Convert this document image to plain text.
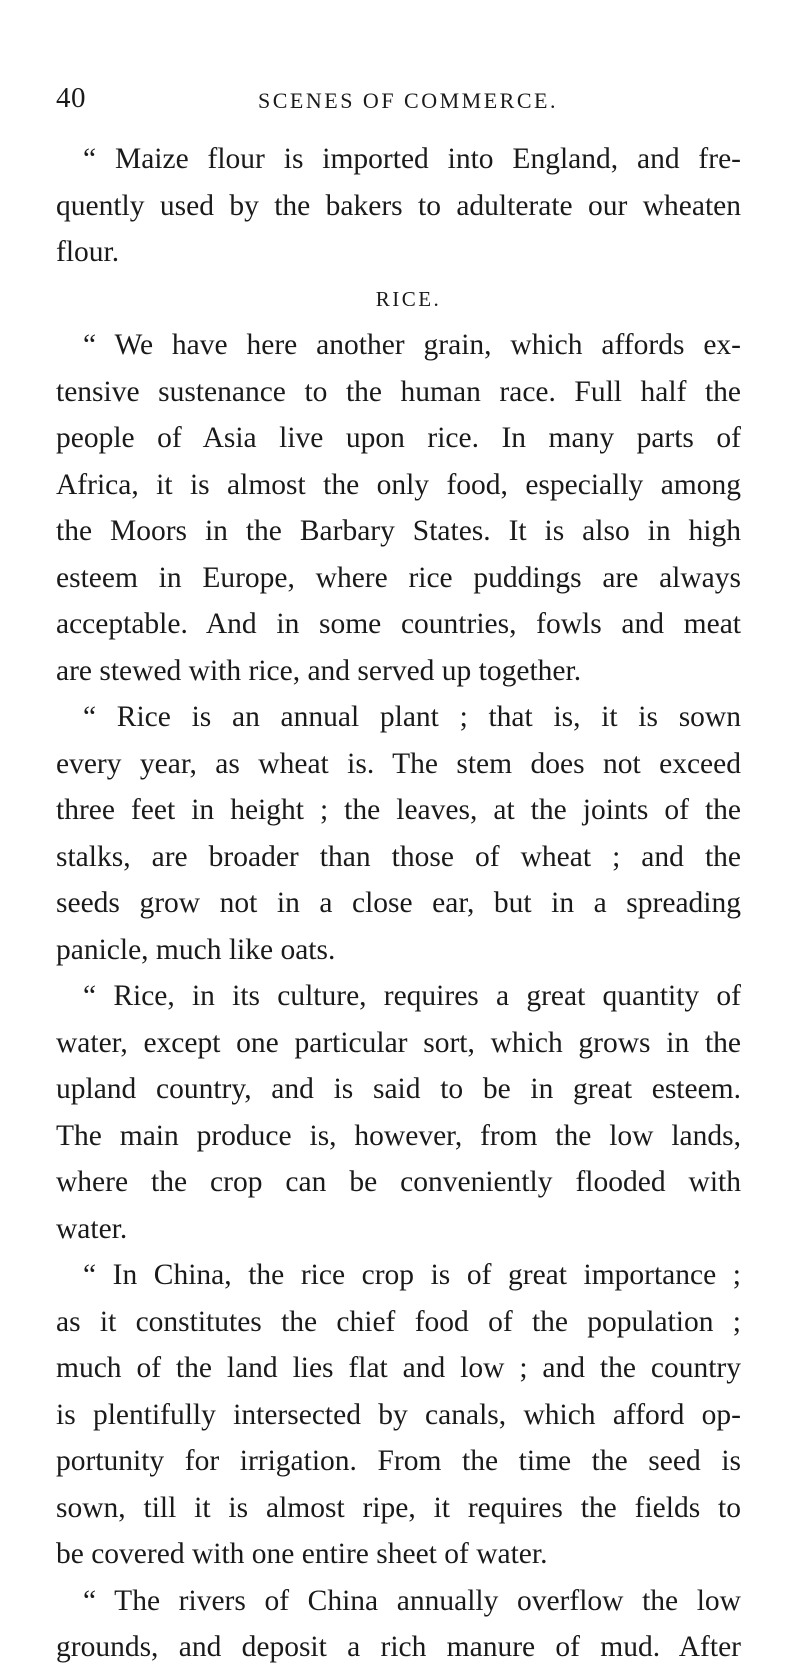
40	SCENES OF COMMERCE.
“ Maize flour is imported into England, and fre-
quently used by the bakers to adulterate our wheaten
flour.
RICE.
“ We have here another grain, which affords ex-
tensive sustenance to the human race. Full half the
people of Asia live upon rice. In many parts of
Africa, it is almost the only food, especially among
the Moors in the Barbary States. It is also in high
esteem in Europe, where rice puddings are always
acceptable. And in some countries, fowls and meat
are stewed with rice, and served up together.
“ Rice is an annual plant ; that is, it is sown
every year, as wheat is. The stem does not exceed
three feet in height ; the leaves, at the joints of the
stalks, are broader than those of wheat ; and the
seeds grow not in a close ear, but in a spreading
panicle, much like oats.
“ Rice, in its culture, requires a great quantity of
water, except one particular sort, which grows in the
upland country, and is said to be in great esteem.
The main produce is, however, from the low lands,
where the crop can be conveniently flooded with
water.
“ In China, the rice crop is of great importance ;
as it constitutes the chief food of the population ;
much of the land lies flat and low ; and the country
is plentifully intersected by canals, which afford op-
portunity for irrigation. From the time the seed is
sown, till it is almost ripe, it requires the fields to
be covered with one entire sheet of water.
“ The rivers of China annually overflow the low
grounds, and deposit a rich manure of mud. After
